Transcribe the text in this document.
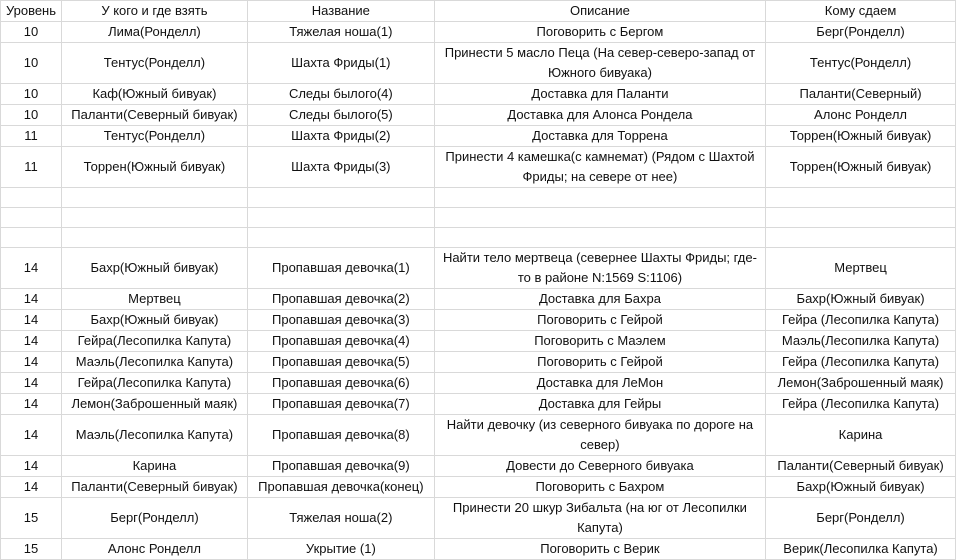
Уровень	У кого и где взять	Название	Описание	Кому сдаем
10	Лима(Ронделл)	Тяжелая ноша(1)	Поговорить с Бергом	Берг(Ронделл)
10	Тентус(Ронделл)	Шахта Фриды(1)	Принести 5 масло Пеца (На север-северо-запад от Южного бивуака)	Тентус(Ронделл)
10	Каф(Южный бивуак)	Следы былого(4)	Доставка для Паланти	Паланти(Северный)
10	Паланти(Северный бивуак)	Следы былого(5)	Доставка для Алонса Рондела	Алонс Ронделл
11	Тентус(Ронделл)	Шахта Фриды(2)	Доставка для Торрена	Торрен(Южный бивуак)
11	Торрен(Южный бивуак)	Шахта Фриды(3)	Принести 4 камешка(с камнемат) (Рядом с Шахтой Фриды; на севере от нее)	Торрен(Южный бивуак)

14	Бахр(Южный бивуак)	Пропавшая девочка(1)	Найти тело мертвеца (севернее Шахты Фриды; где-то в районе N:1569 S:1106)	Мертвец
14	Мертвец	Пропавшая девочка(2)	Доставка для Бахра	Бахр(Южный бивуак)
14	Бахр(Южный бивуак)	Пропавшая девочка(3)	Поговорить с Гейрой	Гейра (Лесопилка Капута)
14	Гейра(Лесопилка Капута)	Пропавшая девочка(4)	Поговорить с Маэлем	Маэль(Лесопилка Капута)
14	Маэль(Лесопилка Капута)	Пропавшая девочка(5)	Поговорить с Гейрой	Гейра (Лесопилка Капута)
14	Гейра(Лесопилка Капута)	Пропавшая девочка(6)	Доставка для ЛеМон	Лемон(Заброшенный маяк)
14	Лемон(Заброшенный маяк)	Пропавшая девочка(7)	Доставка для Гейры	Гейра (Лесопилка Капута)
14	Маэль(Лесопилка Капута)	Пропавшая девочка(8)	Найти девочку (из северного бивуака по дороге на север)	Карина
14	Карина	Пропавшая девочка(9)	Довести до Северного бивуака	Паланти(Северный бивуак)
14	Паланти(Северный бивуак)	Пропавшая девочка(конец)	Поговорить с Бахром	Бахр(Южный бивуак)
15	Берг(Ронделл)	Тяжелая ноша(2)	Принести 20 шкур Зибальта (на юг от Лесопилки Капута)	Берг(Ронделл)
15	Алонс Ронделл	Укрытие (1)	Поговорить с Верик	Верик(Лесопилка Капута)
